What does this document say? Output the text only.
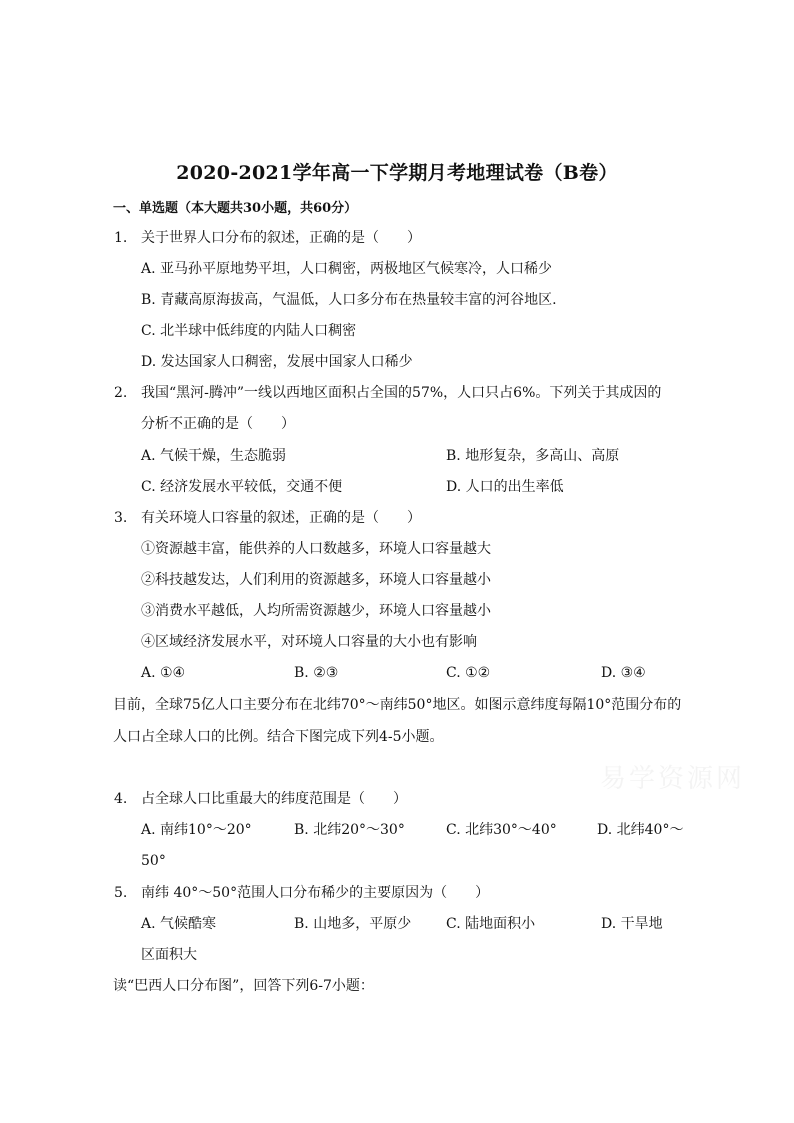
2020-2021学年高一下学期月考地理试卷（B卷）
一、单选题（本大题共30小题，共60分）
1. 关于世界人口分布的叙述，正确的是（　　）
A. 亚马孙平原地势平坦，人口稠密，两极地区气候寒冷，人口稀少
B. 青藏高原海拔高，气温低，人口多分布在热量较丰富的河谷地区.
C. 北半球中低纬度的内陆人口稠密
D. 发达国家人口稠密，发展中国家人口稀少
2. 我国“黑河-腾冲”一线以西地区面积占全国的57%，人口只占6%。下列关于其成因的
分析不正确的是（　　）
A. 气候干燥，生态脆弱	B. 地形复杂，多高山、高原
C. 经济发展水平较低，交通不便	D. 人口的出生率低
3. 有关环境人口容量的叙述，正确的是（　　）
①资源越丰富，能供养的人口数越多，环境人口容量越大
②科技越发达，人们利用的资源越多，环境人口容量越小
③消费水平越低，人均所需资源越少，环境人口容量越小
④区域经济发展水平，对环境人口容量的大小也有影响
A. ①④	B. ②③	C. ①②	D. ③④
目前，全球75亿人口主要分布在北纬70°～南纬50°地区。如图示意纬度每隔10°范围分布的
人口占全球人口的比例。结合下图完成下列4-5小题。
易学资源网
4. 占全球人口比重最大的纬度范围是（　　）
A. 南纬10°～20°	B. 北纬20°～30°	C. 北纬30°～40°	D. 北纬40°～
50°
5. 南纬 40°～50°范围人口分布稀少的主要原因为（　　）
A. 气候酷寒	B. 山地多，平原少 C. 陆地面积小	D. 干旱地
区面积大
读“巴西人口分布图”，回答下列6-7小题：
